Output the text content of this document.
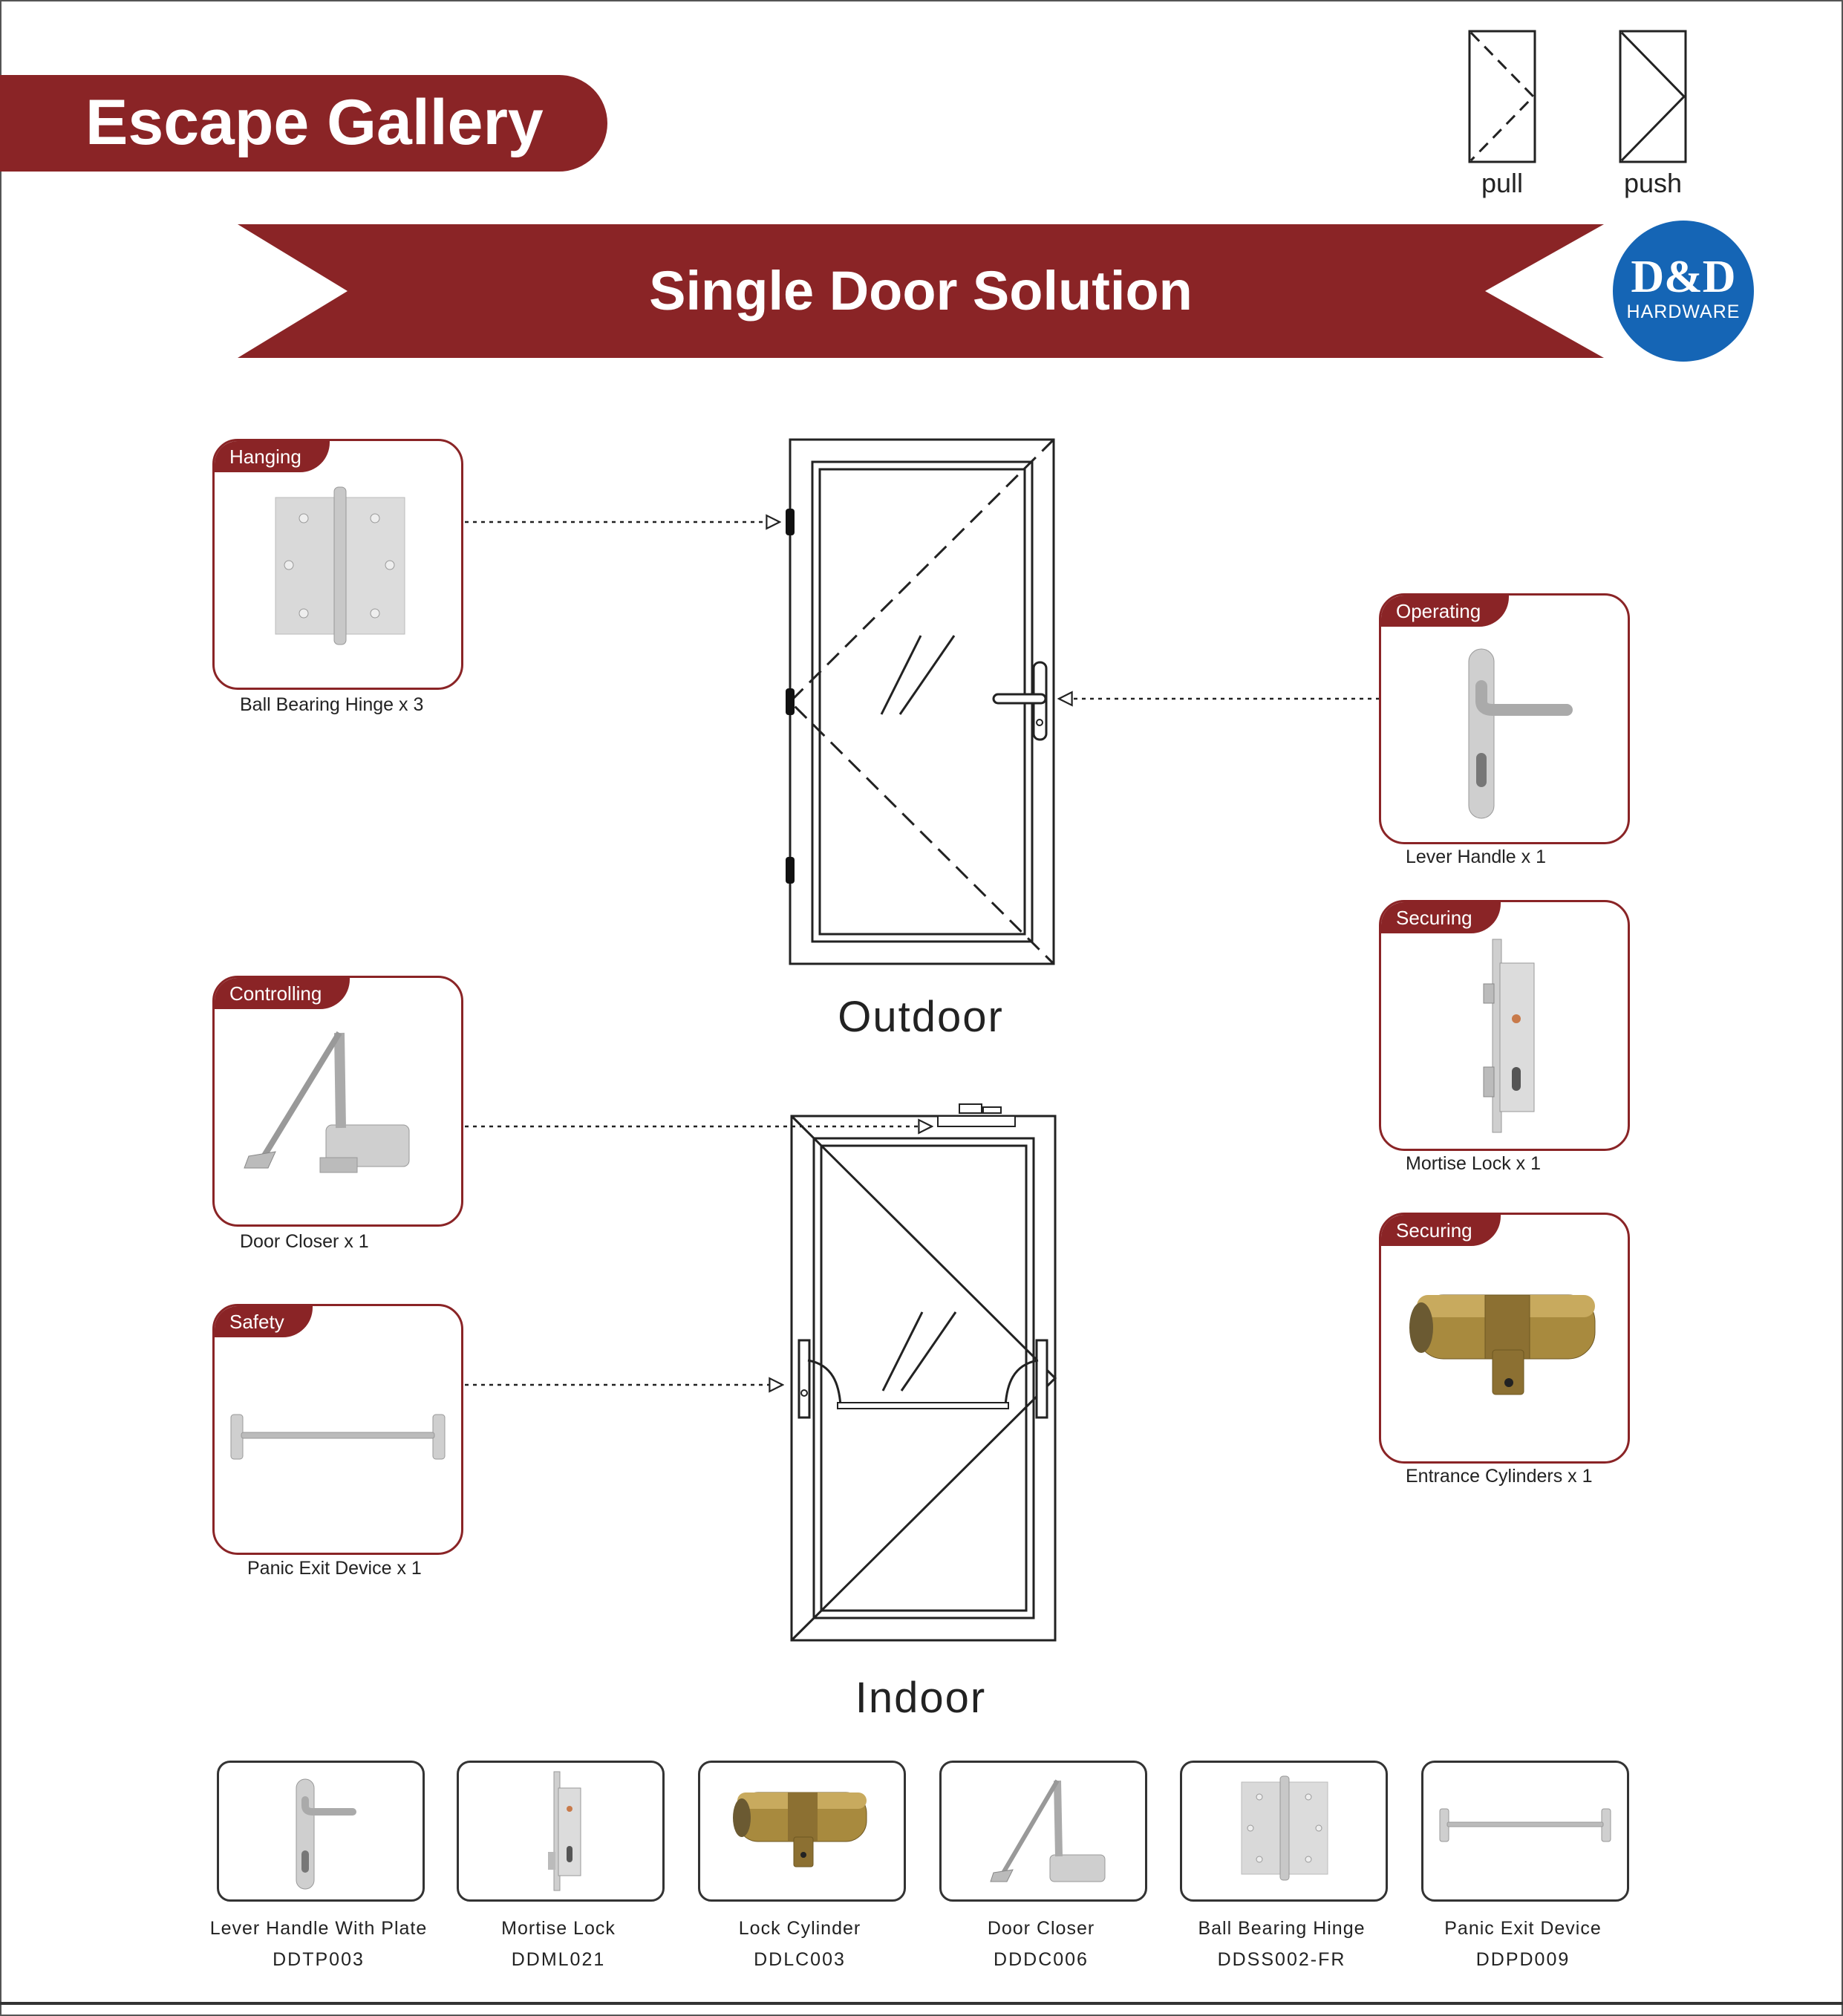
Escape Gallery
Single Door Solution	D&D
HARDWARE
pull	push
Outdoor
Indoor
Hanging
Ball Bearing Hinge x 3
Operating
Lever Handle x 1
Securing
Mortise Lock x 1
Controlling
Door Closer x 1	Securing
Entrance Cylinders x 1
Safety
Panic Exit Device x 1
Lever Handle With Plate
DDTP003
Mortise Lock
DDML021
Lock Cylinder
DDLC003
Door Closer
DDDC006
Ball Bearing Hinge
DDSS002-FR
Panic Exit Device
DDPD009
